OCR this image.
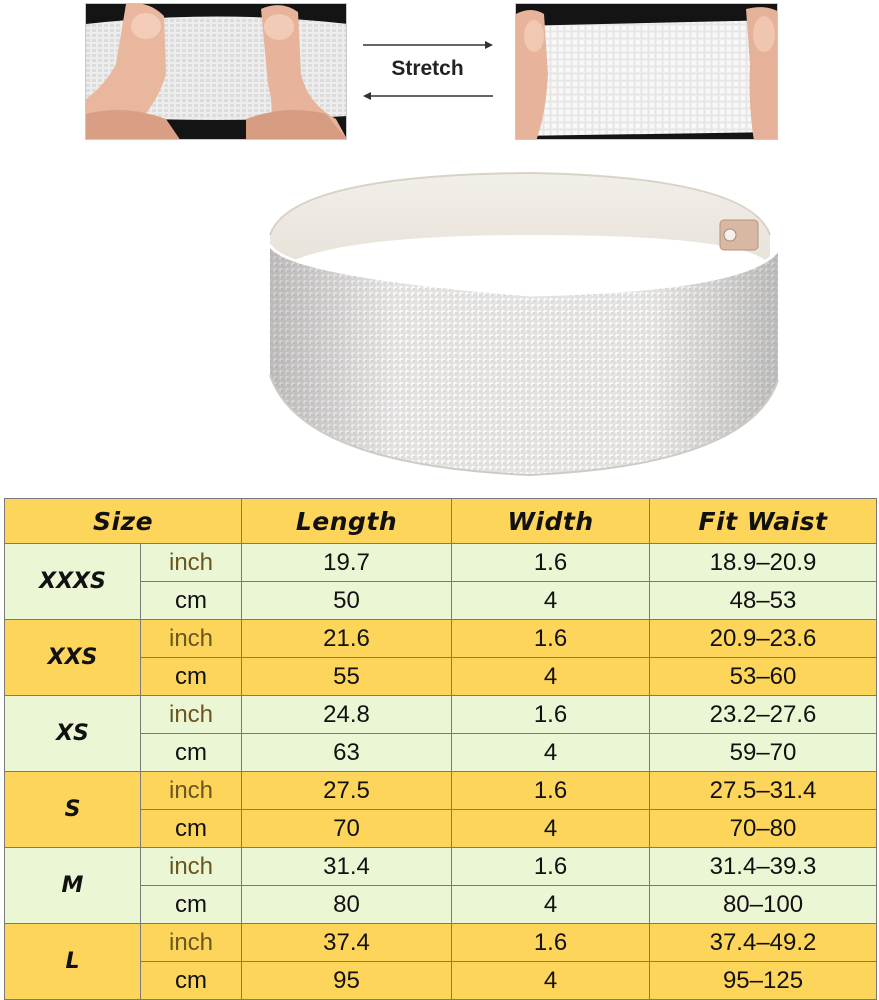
Stretch
Size		Length	Width	Fit Waist
XXXS	inch	19.7	1.6	18.9–20.9
	cm	50	4	48–53
XXS	inch	21.6	1.6	20.9–23.6
	cm	55	4	53–60
XS	inch	24.8	1.6	23.2–27.6
	cm	63	4	59–70
S	inch	27.5	1.6	27.5–31.4
	cm	70	4	70–80
M	inch	31.4	1.6	31.4–39.3
	cm	80	4	80–100
L	inch	37.4	1.6	37.4–49.2
	cm	95	4	95–125
